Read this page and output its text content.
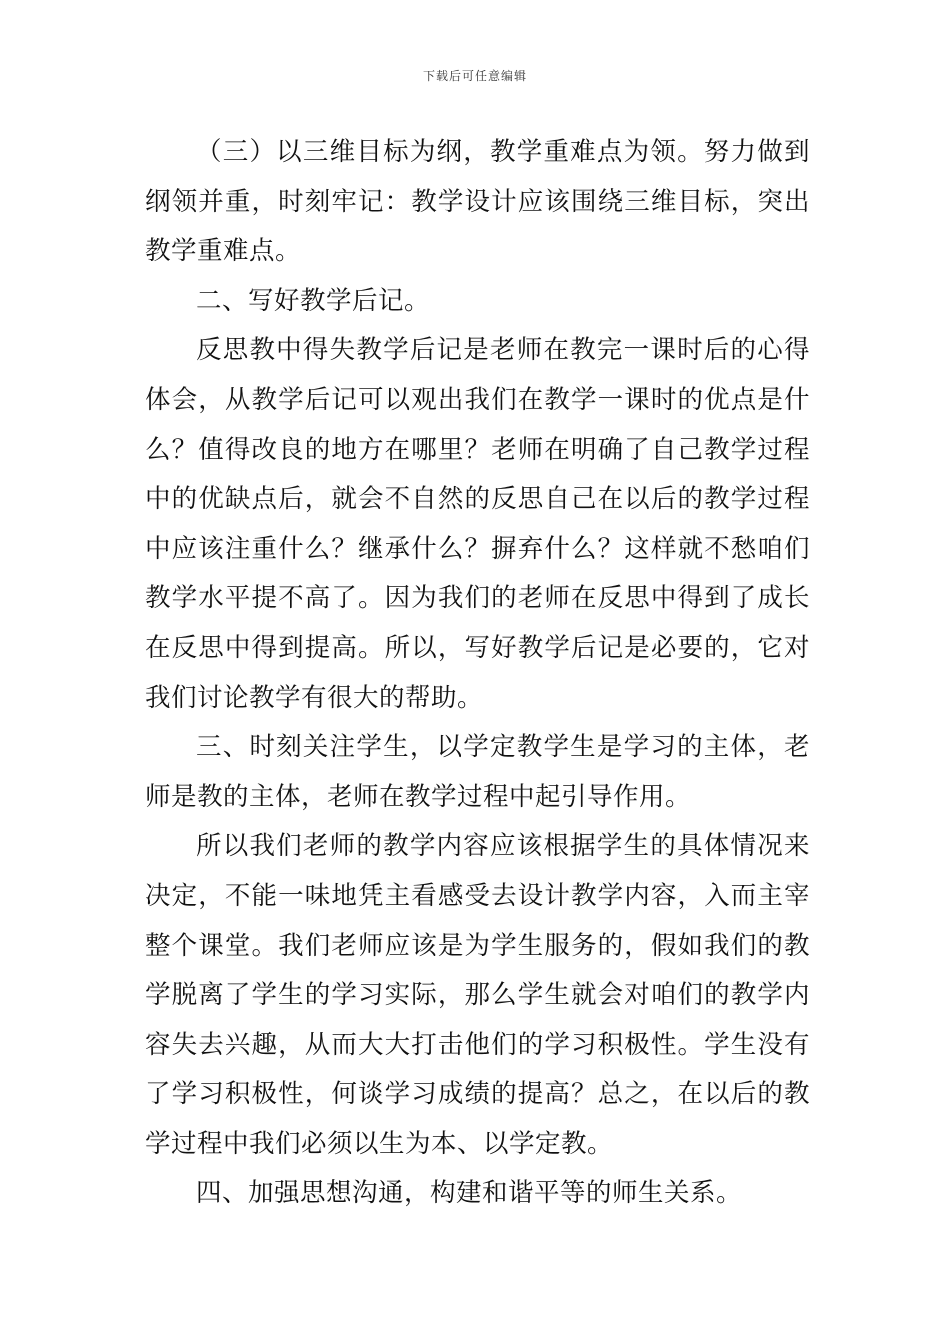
下载后可任意编辑

（三）以三维目标为纲，教学重难点为领。努力做到纲领并重，时刻牢记：教学设计应该围绕三维目标，突出教学重难点。

二、写好教学后记。

反思教中得失教学后记是老师在教完一课时后的心得体会，从教学后记可以观出我们在教学一课时的优点是什么？值得改良的地方在哪里？老师在明确了自己教学过程中的优缺点后，就会不自然的反思自己在以后的教学过程中应该注重什么？继承什么？摒弃什么？这样就不愁咱们教学水平提不高了。因为我们的老师在反思中得到了成长在反思中得到提高。所以，写好教学后记是必要的，它对我们讨论教学有很大的帮助。

三、时刻关注学生，以学定教学生是学习的主体，老师是教的主体，老师在教学过程中起引导作用。

所以我们老师的教学内容应该根据学生的具体情况来决定，不能一味地凭主看感受去设计教学内容，入而主宰整个课堂。我们老师应该是为学生服务的，假如我们的教学脱离了学生的学习实际，那么学生就会对咱们的教学内容失去兴趣，从而大大打击他们的学习积极性。学生没有了学习积极性，何谈学习成绩的提高？总之，在以后的教学过程中我们必须以生为本、以学定教。

四、加强思想沟通，构建和谐平等的师生关系。
